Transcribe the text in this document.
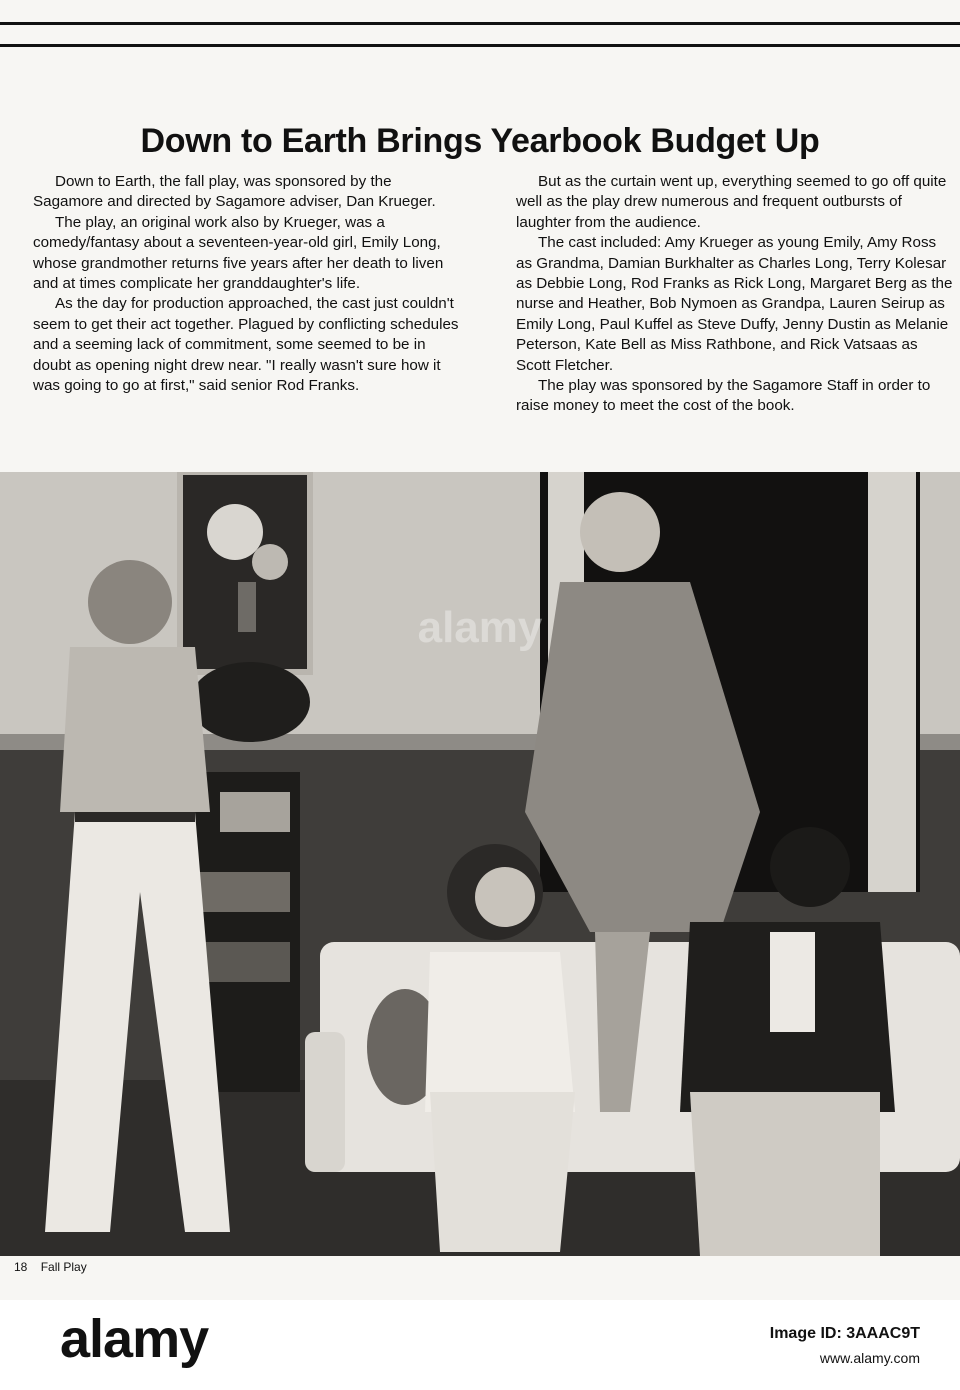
Down to Earth Brings Yearbook Budget Up

Down to Earth, the fall play, was sponsored by the Sagamore and directed by Sagamore adviser, Dan Krueger.

The play, an original work also by Krueger, was a comedy/fantasy about a seventeen-year-old girl, Emily Long, whose grandmother returns five years after her death to liven and at times complicate her granddaughter's life.

As the day for production approached, the cast just couldn't seem to get their act together. Plagued by conflicting schedules and a seeming lack of commitment, some seemed to be in doubt as opening night drew near. "I really wasn't sure how it was going to go at first," said senior Rod Franks.

But as the curtain went up, everything seemed to go off quite well as the play drew numerous and frequent outbursts of laughter from the audience.

The cast included: Amy Krueger as young Emily, Amy Ross as Grandma, Damian Burkhalter as Charles Long, Terry Kolesar as Debbie Long, Rod Franks as Rick Long, Margaret Berg as the nurse and Heather, Bob Nymoen as Grandpa, Lauren Seirup as Emily Long, Paul Kuffel as Steve Duffy, Jenny Dustin as Melanie Peterson, Kate Bell as Miss Rathbone, and Rick Vatsaas as Scott Fletcher.

The play was sponsored by the Sagamore Staff in order to raise money to meet the cost of the book.

alamy
18 Fall Play
alamy	Image ID: 3AAAC9T
www.alamy.com
